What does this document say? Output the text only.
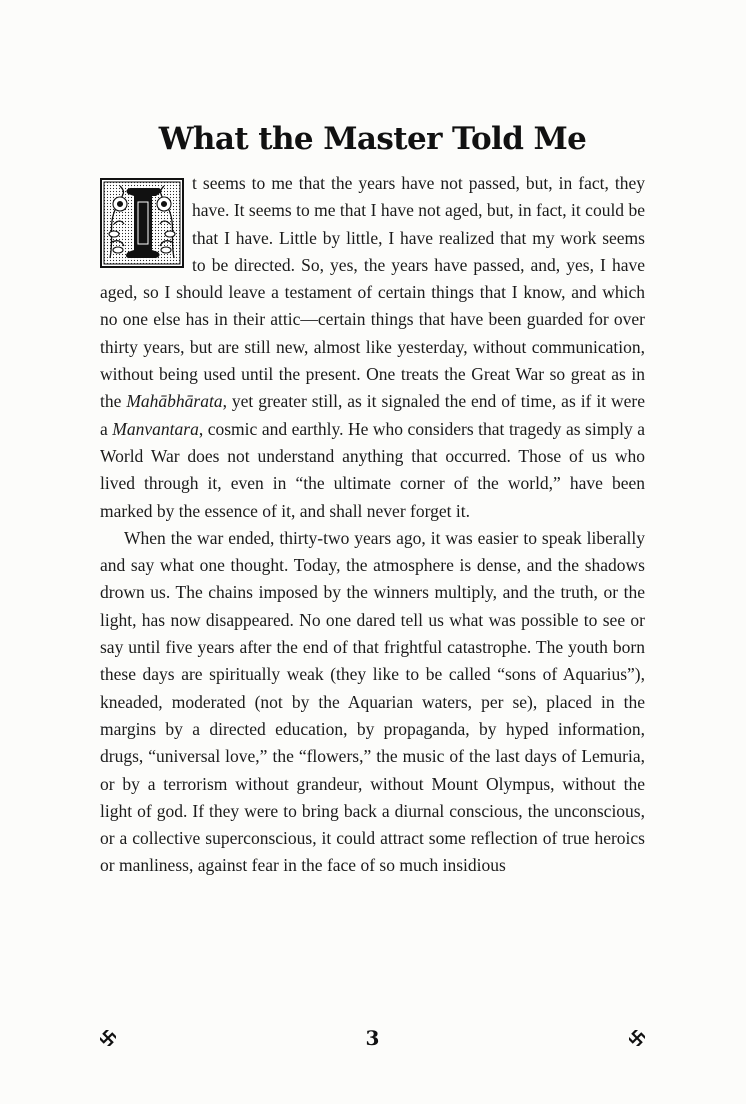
What the Master Told Me

t seems to me that the years have not passed, but, in fact, they have. It seems to me that I have not aged, but, in fact, it could be that I have. Little by little, I have realized that my work seems to be directed. So, yes, the years have passed, and, yes, I have aged, so I should leave a testament of certain things that I know, and which no one else has in their attic—certain things that have been guarded for over thirty years, but are still new, almost like yesterday, without communication, without being used until the present. One treats the Great War so great as in the Mahābhārata, yet greater still, as it signaled the end of time, as if it were a Manvantara, cosmic and earthly. He who considers that tragedy as simply a World War does not understand anything that occurred. Those of us who lived through it, even in “the ultimate corner of the world,” have been marked by the essence of it, and shall never forget it.

When the war ended, thirty-two years ago, it was easier to speak liberally and say what one thought. Today, the atmosphere is dense, and the shadows drown us. The chains imposed by the winners multiply, and the truth, or the light, has now disappeared. No one dared tell us what was possible to see or say until five years after the end of that frightful catastrophe. The youth born these days are spiritually weak (they like to be called “sons of Aquarius”), kneaded, moderated (not by the Aquarian waters, per se), placed in the margins by a directed education, by propaganda, by hyped information, drugs, “universal love,” the “flowers,” the music of the last days of Lemuria, or by a terrorism without grandeur, without Mount Olympus, without the light of god. If they were to bring back a diurnal conscious, the unconscious, or a collective superconscious, it could attract some reflection of true heroics or manliness, against fear in the face of so much insidious

3
